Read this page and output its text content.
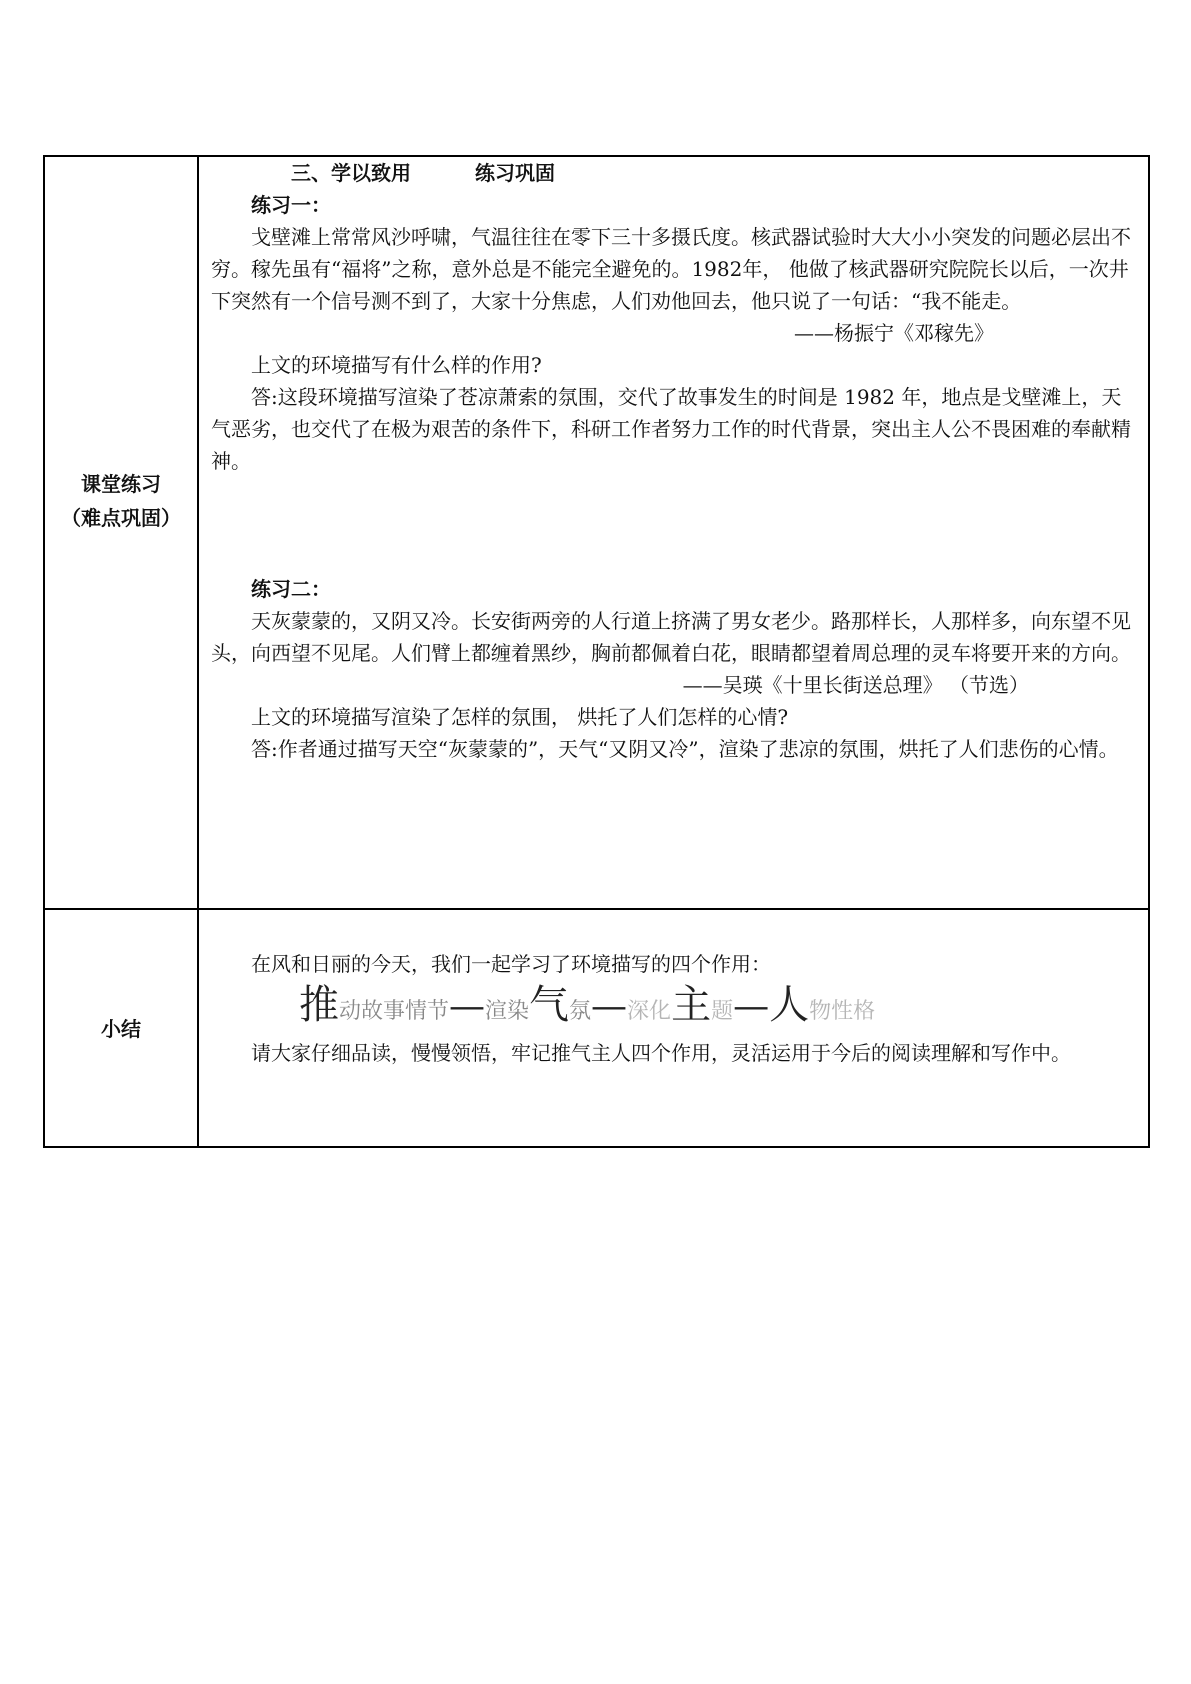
课堂练习
（难点巩固）

三、学以致用	练习巩固

练习一：

戈壁滩上常常风沙呼啸，气温往往在零下三十多摄氏度。核武器试验时大大小小突发的问题必层出不穷。稼先虽有“福将”之称，意外总是不能完全避免的。1982年， 他做了核武器研究院院长以后，一次井下突然有一个信号测不到了，大家十分焦虑，人们劝他回去，他只说了一句话：“我不能走。

——杨振宁《邓稼先》

上文的环境描写有什么样的作用?

答:这段环境描写渲染了苍凉萧索的氛围，交代了故事发生的时间是 1982 年，地点是戈壁滩上，天气恶劣，也交代了在极为艰苦的条件下，科研工作者努力工作的时代背景，突出主人公不畏困难的奉献精神。

练习二：

天灰蒙蒙的，又阴又冷。长安街两旁的人行道上挤满了男女老少。路那样长，人那样多，向东望不见头，向西望不见尾。人们臂上都缠着黑纱，胸前都佩着白花，眼睛都望着周总理的灵车将要开来的方向。

——吴瑛《十里长街送总理》 （节选）

上文的环境描写渲染了怎样的氛围， 烘托了人们怎样的心情?

答:作者通过描写天空“灰蒙蒙的”，天气“又阴又冷”，渲染了悲凉的氛围，烘托了人们悲伤的心情。

小结

在风和日丽的今天，我们一起学习了环境描写的四个作用：

推动故事情节—渲染气氛—深化主题—人物性格

请大家仔细品读，慢慢领悟，牢记推气主人四个作用，灵活运用于今后的阅读理解和写作中。
